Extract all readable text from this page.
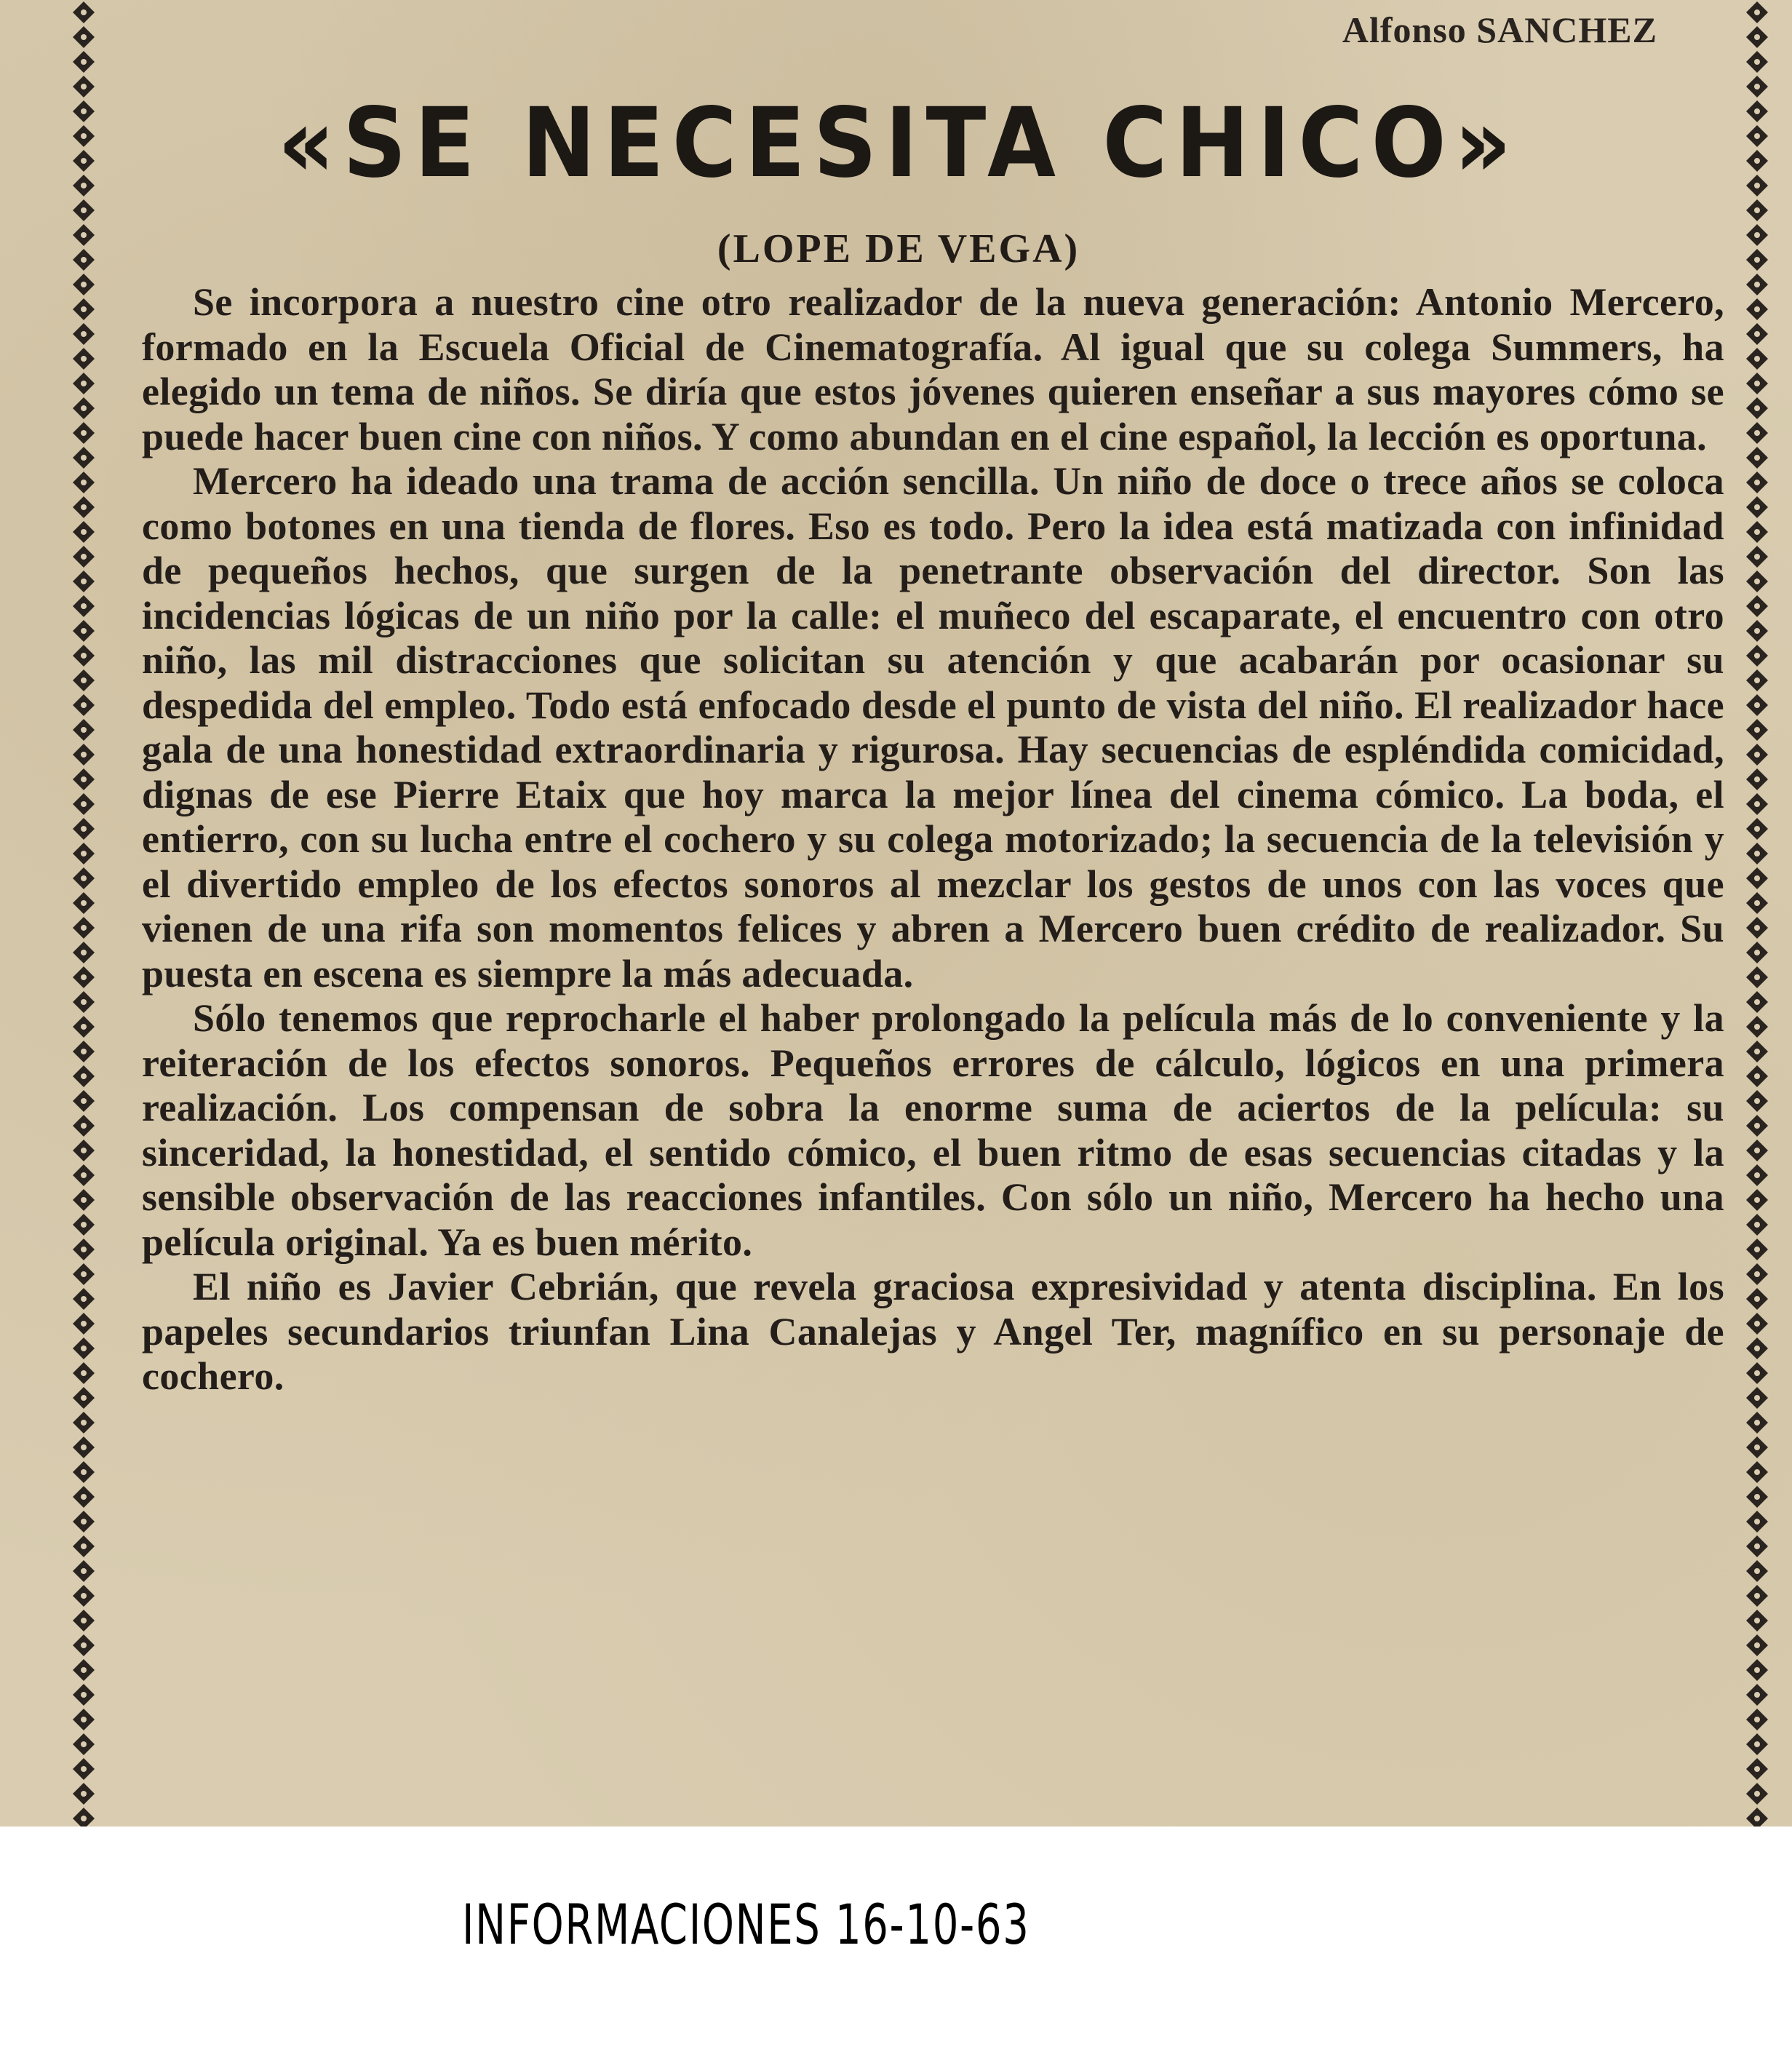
Alfonso SANCHEZ
«SE NECESITA CHICO»
(LOPE DE VEGA)

Se incorpora a nuestro cine otro realizador de la nueva generación: Antonio Mercero, formado en la Escuela Oficial de Cinematografía. Al igual que su colega Summers, ha elegido un tema de niños. Se diría que estos jóvenes quieren enseñar a sus mayores cómo se puede hacer buen cine con niños. Y como abundan en el cine español, la lección es oportuna.

Mercero ha ideado una trama de acción sencilla. Un niño de doce o trece años se coloca como botones en una tienda de flores. Eso es todo. Pero la idea está matizada con infinidad de pequeños hechos, que surgen de la penetrante observación del director. Son las incidencias lógicas de un niño por la calle: el muñeco del escaparate, el encuentro con otro niño, las mil distracciones que solicitan su atención y que acabarán por ocasionar su despedida del empleo. Todo está enfocado desde el punto de vista del niño. El realizador hace gala de una honestidad extraordinaria y rigurosa. Hay secuencias de espléndida comicidad, dignas de ese Pierre Etaix que hoy marca la mejor línea del cinema cómico. La boda, el entierro, con su lucha entre el cochero y su colega motorizado; la secuencia de la televisión y el divertido empleo de los efectos sonoros al mezclar los gestos de unos con las voces que vienen de una rifa son momentos felices y abren a Mercero buen crédito de realizador. Su puesta en escena es siempre la más adecuada.

Sólo tenemos que reprocharle el haber prolongado la película más de lo conveniente y la reiteración de los efectos sonoros. Pequeños errores de cálculo, lógicos en una primera realización. Los compensan de sobra la enorme suma de aciertos de la película: su sinceridad, la honestidad, el sentido cómico, el buen ritmo de esas secuencias citadas y la sensible observación de las reacciones infantiles. Con sólo un niño, Mercero ha hecho una película original. Ya es buen mérito.

El niño es Javier Cebrián, que revela graciosa expresividad y atenta disciplina. En los papeles secundarios triunfan Lina Canalejas y Angel Ter, magnífico en su personaje de cochero.

INFORMACIONES 16-10-63
